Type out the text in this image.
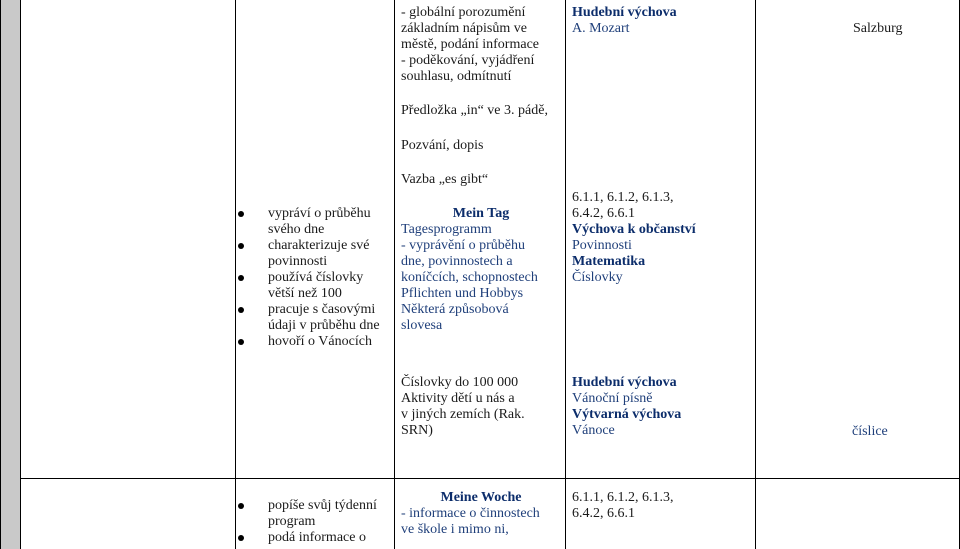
- globální porozumění
základním nápisům ve
městě, podání informace
- poděkování, vyjádření
souhlasu, odmítnutí
Hudební výchova
A. Mozart	Salzburg
Předložka „in“ ve 3. pádě,
Pozvání, dopis
Vazba „es gibt“
vypráví o průběhu svého dne
charakterizuje své povinnosti
používá číslovky větší než 100
pracuje s časovými údaji v průběhu dne
hovoří o Vánocích
Mein Tag
Tagesprogramm
- vyprávění o průběhu
dne, povinnostech a
koníčcích, schopnostech
Pflichten und Hobbys
Některá způsobová
slovesa
6.1.1, 6.1.2, 6.1.3,
6.4.2, 6.6.1
Výchova k občanství
Povinnosti
Matematika
Číslovky
Číslovky do 100 000
Aktivity dětí u nás a
v jiných zemích (Rak.
SRN)
Hudební výchova
Vánoční písně
Výtvarná výchova
Vánoce	číslice
popíše svůj týdenní program
podá informace o
Meine Woche
- informace o činnostech
ve škole i mimo ni,
6.1.1, 6.1.2, 6.1.3,
6.4.2, 6.6.1
